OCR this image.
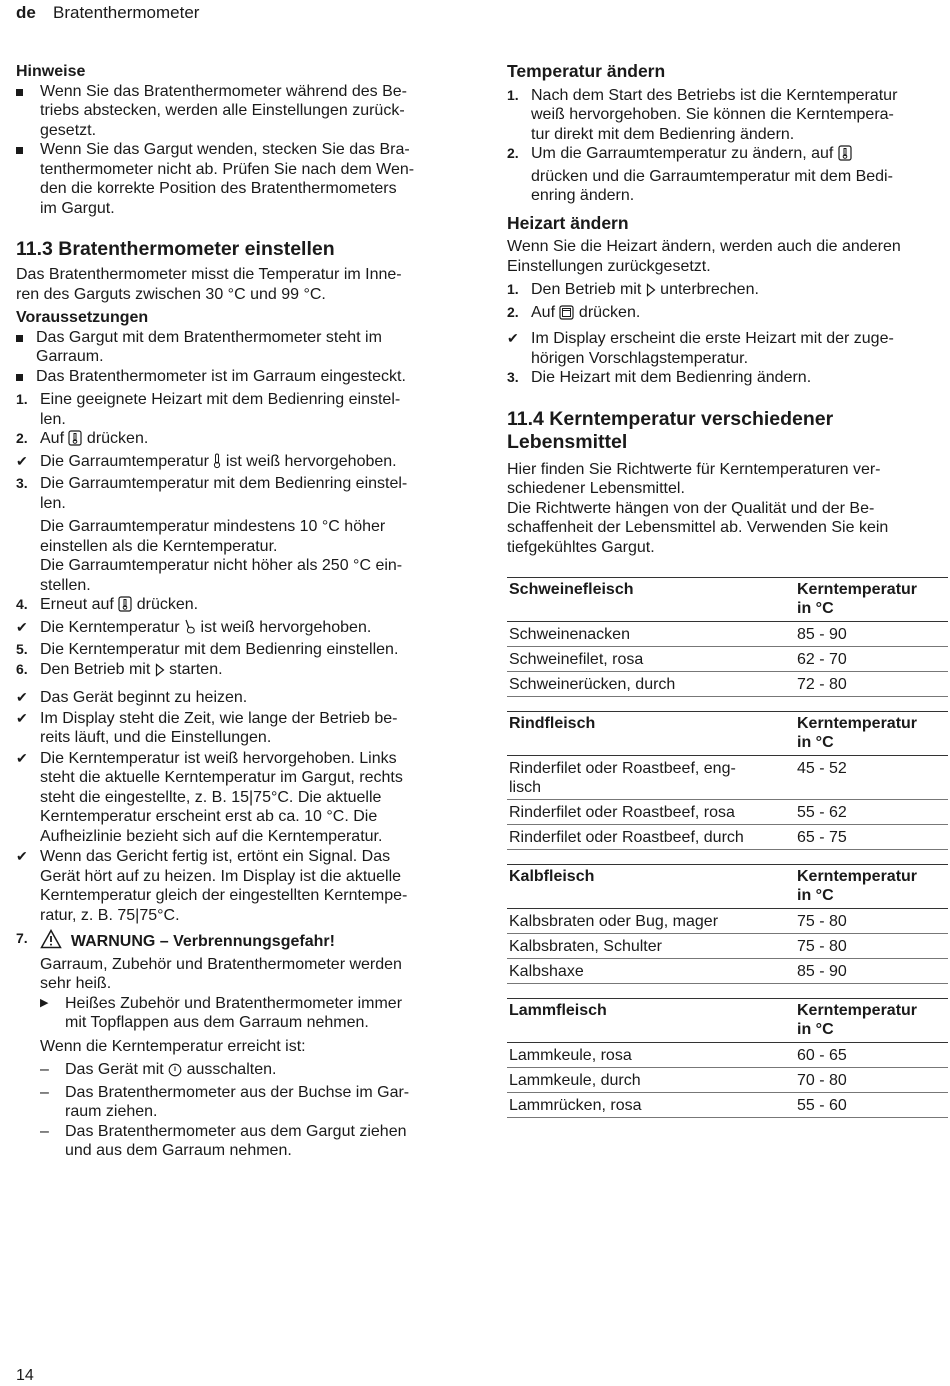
de Bratenthermometer

Hinweise

Wenn Sie das Bratenthermometer während des Be-
triebs abstecken, werden alle Einstellungen zurück-
gesetzt.
Wenn Sie das Gargut wenden, stecken Sie das Bra-
tenthermometer nicht ab. Prüfen Sie nach dem Wen-
den die korrekte Position des Bratenthermometers
im Gargut.

11.3 Bratenthermometer einstellen

Das Bratenthermometer misst die Temperatur im Inne-
ren des Garguts zwischen 30 °C und 99 °C.

Voraussetzungen

Das Gargut mit dem Bratenthermometer steht im
Garraum.
Das Bratenthermometer ist im Garraum eingesteckt.
1. Eine geeignete Heizart mit dem Bedienring einstel-
len.
2. Auf drücken.
✔ Die Garraumtemperatur ist weiß hervorgehoben.
3. Die Garraumtemperatur mit dem Bedienring einstel-
len.
Die Garraumtemperatur mindestens 10 °C höher
einstellen als die Kerntemperatur.
Die Garraumtemperatur nicht höher als 250 °C ein-
stellen.
4. Erneut auf drücken.
✔ Die Kerntemperatur ist weiß hervorgehoben.
5. Die Kerntemperatur mit dem Bedienring einstellen.
6. Den Betrieb mit starten.
✔ Das Gerät beginnt zu heizen.
✔ Im Display steht die Zeit, wie lange der Betrieb be-
reits läuft, und die Einstellungen.
✔ Die Kerntemperatur ist weiß hervorgehoben. Links
steht die aktuelle Kerntemperatur im Gargut, rechts
steht die eingestellte, z. B. 15|75°C. Die aktuelle
Kerntemperatur erscheint erst ab ca. 10 °C. Die
Aufheizlinie bezieht sich auf die Kerntemperatur.
✔ Wenn das Gericht fertig ist, ertönt ein Signal. Das
Gerät hört auf zu heizen. Im Display ist die aktuelle
Kerntemperatur gleich der eingestellten Kerntempe-
ratur, z. B. 75|75°C.
7.	WARNUNG – Verbrennungsgefahr!
Garraum, Zubehör und Bratenthermometer werden
sehr heiß.
▶	Heißes Zubehör und Bratenthermometer immer
mit Topflappen aus dem Garraum nehmen.
Wenn die Kerntemperatur erreicht ist:
–	Das Gerät mit ausschalten.
–	Das Bratenthermometer aus der Buchse im Gar-
raum ziehen.
–	Das Bratenthermometer aus dem Gargut ziehen
und aus dem Garraum nehmen.

Temperatur ändern

1. Nach dem Start des Betriebs ist die Kerntemperatur
weiß hervorgehoben. Sie können die Kerntempera-
tur direkt mit dem Bedienring ändern.
2. Um die Garraumtemperatur zu ändern, auf
drücken und die Garraumtemperatur mit dem Bedi-
enring ändern.

Heizart ändern

Wenn Sie die Heizart ändern, werden auch die anderen
Einstellungen zurückgesetzt.
1. Den Betrieb mit unterbrechen.
2. Auf drücken.
✔ Im Display erscheint die erste Heizart mit der zuge-
hörigen Vorschlagstemperatur.
3. Die Heizart mit dem Bedienring ändern.

11.4 Kerntemperatur verschiedener
Lebensmittel

Hier finden Sie Richtwerte für Kerntemperaturen ver-
schiedener Lebensmittel.
Die Richtwerte hängen von der Qualität und der Be-
schaffenheit der Lebensmittel ab. Verwenden Sie kein
tiefgekühltes Gargut.
Schweinefleisch	Kerntemperatur
in °C

Schweinenacken	85 - 90

Schweinefilet, rosa	62 - 70

Schweinerücken, durch	72 - 80
Rindfleisch	Kerntemperatur
in °C

Rinderfilet oder Roastbeef, eng-
lisch	45 - 52

Rinderfilet oder Roastbeef, rosa	55 - 62

Rinderfilet oder Roastbeef, durch	65 - 75
Kalbfleisch	Kerntemperatur
in °C

Kalbsbraten oder Bug, mager	75 - 80

Kalbsbraten, Schulter	75 - 80

Kalbshaxe	85 - 90
Lammfleisch	Kerntemperatur
in °C

Lammkeule, rosa	60 - 65

Lammkeule, durch	70 - 80

Lammrücken, rosa	55 - 60
14
